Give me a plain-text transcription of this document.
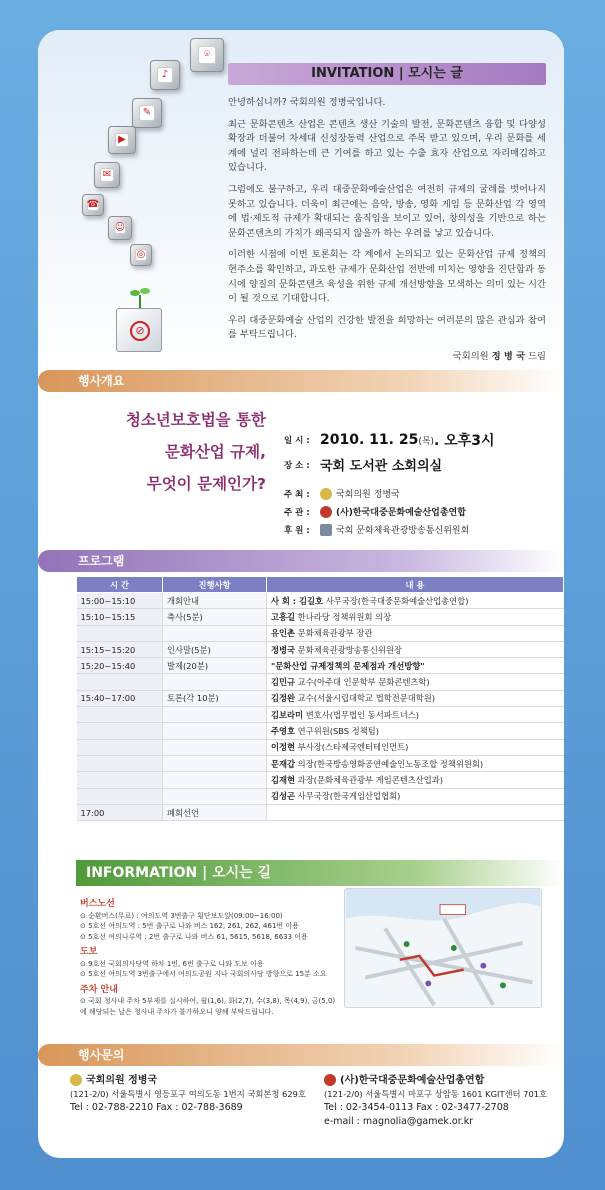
⌾
♪
✎
▶
✉
☎
☺
◎
⊘
INVITATION | 모시는 글

안녕하십니까? 국회의원 정병국입니다.

최근 문화콘텐츠 산업은 콘텐츠 생산 기술의 발전, 문화콘텐츠 융합 및 다양성 확장과 더불어 차세대 신성장동력 산업으로 주목 받고 있으며, 우리 문화를 세계에 널리 전파하는데 큰 기여를 하고 있는 수출 효자 산업으로 자리매김하고 있습니다.

그럼에도 불구하고, 우리 대중문화예술산업은 여전히 규제의 굴레를 벗어나지 못하고 있습니다. 더욱이 최근에는 음악, 방송, 영화 게임 등 문화산업 각 영역에 법·제도적 규제가 확대되는 움직임을 보이고 있어, 창의성을 기반으로 하는 문화콘텐츠의 가치가 왜곡되지 않을까 하는 우려를 낳고 있습니다.

이러한 시점에 이번 토론회는 각 계에서 논의되고 있는 문화산업 규제 정책의 현주소를 확인하고, 과도한 규제가 문화산업 전반에 미치는 영향을 진단함과 동시에 양질의 문화콘텐츠 육성을 위한 규제 개선방향을 모색하는 의미 있는 시간이 될 것으로 기대합니다.

우리 대중문화예술 산업의 건강한 발전을 희망하는 여러분의 많은 관심과 참여를 부탁드립니다.

국회의원 정 병 국 드림
행사개요
청소년보호법을 통한
문화산업 규제,
무엇이 문제인가?
일 시 : 2010. 11. 25 (목) . 오후3시
장 소 : 국회 도서관 소회의실
주 최 :	국회의원 정병국
주 관 :	(사)한국대중문화예술산업총연합
후 원 :	국회 문화체육관광방송통신위원회
프로그램
시 간	진행사항	내 용
15:00~15:10	개회안내	사 회 : 김길호 사무국장(한국대중문화예술산업총연합)
15:10~15:15	축사(5분)	고흥길 한나라당 정책위원회 의장
		유인촌 문화체육관광부 장관
15:15~15:20	인사말(5분)	정병국 문화체육관광방송통신위원장
15:20~15:40	발제(20분)	"문화산업 규제정책의 문제점과 개선방향"
		김민규 교수(아주대 인문학부 문화콘텐츠학)
15:40~17:00	토론(각 10분)	김정완 교수(서울시립대학교 법학전문대학원)
		김보라미 변호사(법무법인 동서파트너스)
		주영호 연구위원(SBS 정책팀)
		이정현 부사장(스타제국엔터테인먼트)
		문재갑 의장(한국방송영화공연예술인노동조합 정책위원회)
		김재현 과장(문화체육관광부 게임콘텐츠산업과)
		김성곤 사무국장(한국게임산업협회)
17:00	폐회선언	
INFORMATION | 오시는 길
버스노선
⊙ 순환버스(무료) : 여의도역 3번출구 횡단보도앞(09:00~16:00)
⊙ 5호선 여의도역 : 5번 출구로 나와 버스 162, 261, 262, 461번 이용
⊙ 5호선 여의나루역 : 2번 출구로 나와 버스 61, 5615, 5618, 6633 이용
도보
⊙ 9호선 국회의사당역 하차 1번, 6번 출구로 나와 도보 이용
⊙ 5호선 여의도역 3번출구에서 여의도공원 지나 국회의사당 방향으로 15분 소요
주차 안내
⊙ 국회 청사내 주차 5부제를 실시하여, 월(1,6), 화(2,7), 수(3,8), 목(4,9), 금(5,0)에 해당되는 날은 청사내 주차가 불가하오니 양해 부탁드립니다.
행사문의
국회의원 정병국
(121-2/0) 서울특별시 영등포구 여의도동 1번지 국회본청 629호
Tel : 02-788-2210 Fax : 02-788-3689
(사)한국대중문화예술산업총연합
(121-2/0) 서울특별시 마포구 상암동 1601 KGIT센터 701호
Tel : 02-3454-0113 Fax : 02-3477-2708
e-mail : magnolia@gamek.or.kr
